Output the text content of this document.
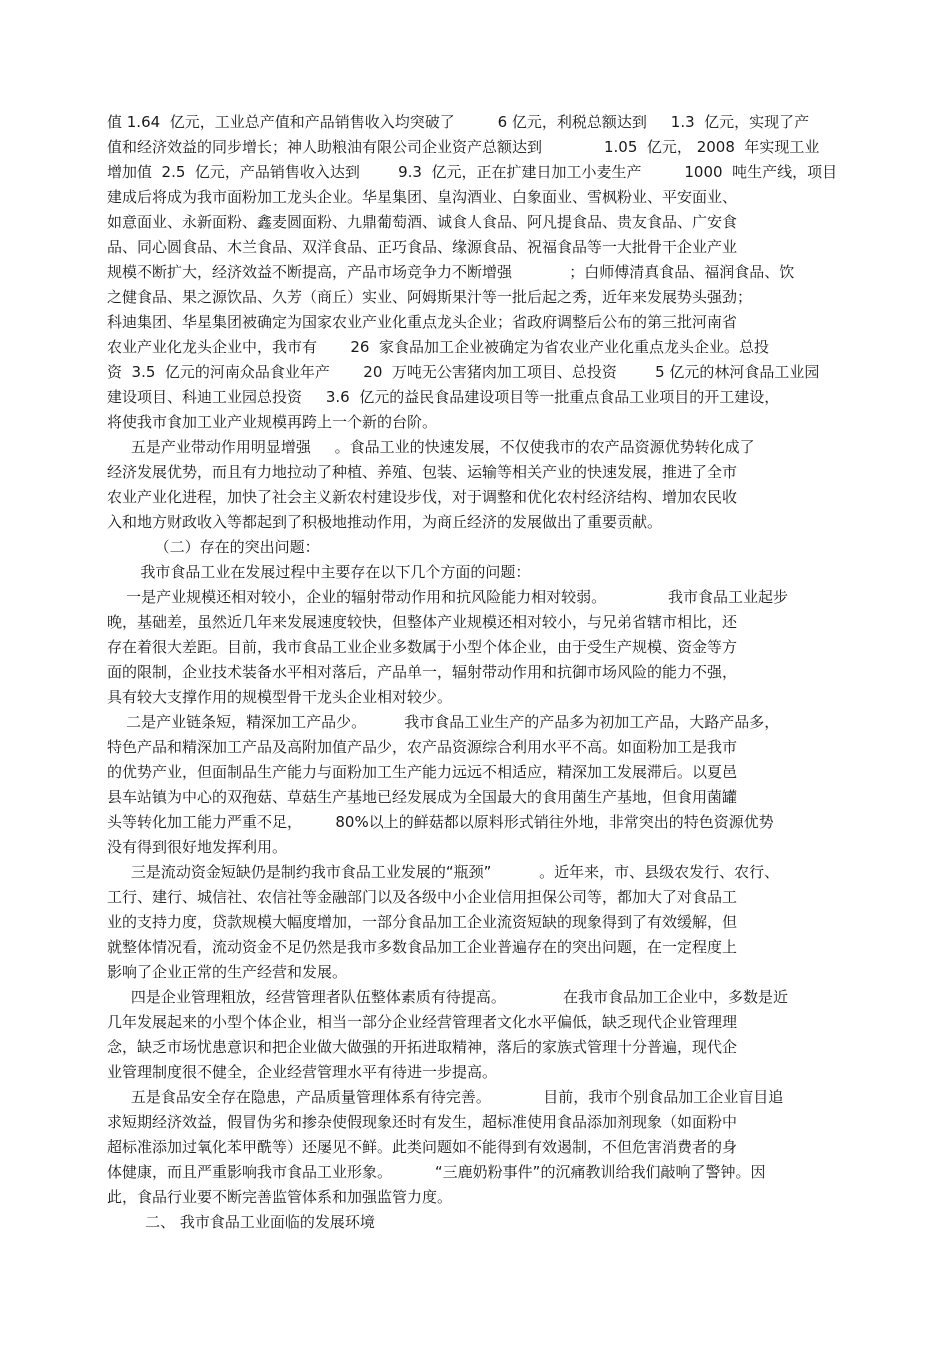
值 1.64  亿元，工业总产值和产品销售收入均突破了         6 亿元，利税总额达到     1.3  亿元，实现了产
值和经济效益的同步增长；神人助粮油有限公司企业资产总额达到             1.05  亿元， 2008  年实现工业
增加值  2.5  亿元，产品销售收入达到        9.3  亿元，正在扩建日加工小麦生产         1000  吨生产线，项目
建成后将成为我市面粉加工龙头企业。华星集团、皇沟酒业、白象面业、雪枫粉业、平安面业、
如意面业、永新面粉、鑫麦圆面粉、九鼎葡萄酒、诚食人食品、阿凡提食品、贵友食品、广安食
品、同心圆食品、木兰食品、双洋食品、正巧食品、缘源食品、祝福食品等一大批骨干企业产业
规模不断扩大，经济效益不断提高，产品市场竞争力不断增强            ；白师傅清真食品、福润食品、饮
之健食品、果之源饮品、久芳（商丘）实业、阿姆斯果汁等一批后起之秀，近年来发展势头强劲；
科迪集团、华星集团被确定为国家农业产业化重点龙头企业；省政府调整后公布的第三批河南省
农业产业化龙头企业中，我市有       26  家食品加工企业被确定为省农业产业化重点龙头企业。总投
资  3.5  亿元的河南众品食业年产       20  万吨无公害猪肉加工项目、总投资        5 亿元的林河食品工业园
建设项目、科迪工业园总投资     3.6  亿元的益民食品建设项目等一批重点食品工业项目的开工建设，
将使我市食加工业产业规模再跨上一个新的台阶。
五是产业带动作用明显增强     。食品工业的快速发展，不仅使我市的农产品资源优势转化成了
经济发展优势，而且有力地拉动了种植、养殖、包装、运输等相关产业的快速发展，推进了全市
农业产业化进程，加快了社会主义新农村建设步伐，对于调整和优化农村经济结构、增加农民收
入和地方财政收入等都起到了积极地推动作用，为商丘经济的发展做出了重要贡献。
（二）存在的突出问题：
我市食品工业在发展过程中主要存在以下几个方面的问题：
一是产业规模还相对较小，企业的辐射带动作用和抗风险能力相对较弱。             我市食品工业起步
晚，基础差，虽然近几年来发展速度较快，但整体产业规模还相对较小，与兄弟省辖市相比，还
存在着很大差距。目前，我市食品工业企业多数属于小型个体企业，由于受生产规模、资金等方
面的限制，企业技术装备水平相对落后，产品单一，辐射带动作用和抗御市场风险的能力不强，
具有较大支撑作用的规模型骨干龙头企业相对较少。
二是产业链条短，精深加工产品少。        我市食品工业生产的产品多为初加工产品，大路产品多，
特色产品和精深加工产品及高附加值产品少，农产品资源综合利用水平不高。如面粉加工是我市
的优势产业，但面制品生产能力与面粉加工生产能力远远不相适应，精深加工发展滞后。以夏邑
县车站镇为中心的双孢菇、草菇生产基地已经发展成为全国最大的食用菌生产基地，但食用菌罐
头等转化加工能力严重不足，       80%以上的鲜菇都以原料形式销往外地，非常突出的特色资源优势
没有得到很好地发挥利用。
三是流动资金短缺仍是制约我市食品工业发展的“瓶颈”          。近年来，市、县级农发行、农行、
工行、建行、城信社、农信社等金融部门以及各级中小企业信用担保公司等，都加大了对食品工
业的支持力度，贷款规模大幅度增加，一部分食品加工企业流资短缺的现象得到了有效缓解，但
就整体情况看，流动资金不足仍然是我市多数食品加工企业普遍存在的突出问题，在一定程度上
影响了企业正常的生产经营和发展。
四是企业管理粗放，经营管理者队伍整体素质有待提高。            在我市食品加工企业中，多数是近
几年发展起来的小型个体企业，相当一部分企业经营管理者文化水平偏低，缺乏现代企业管理理
念，缺乏市场忧患意识和把企业做大做强的开拓进取精神，落后的家族式管理十分普遍，现代企
业管理制度很不健全，企业经营管理水平有待进一步提高。
五是食品安全存在隐患，产品质量管理体系有待完善。           目前，我市个别食品加工企业盲目追
求短期经济效益，假冒伪劣和掺杂使假现象还时有发生，超标准使用食品添加剂现象（如面粉中
超标准添加过氧化苯甲酰等）还屡见不鲜。此类问题如不能得到有效遏制，不但危害消费者的身
体健康，而且严重影响我市食品工业形象。         “三鹿奶粉事件”的沉痛教训给我们敲响了警钟。因
此，食品行业要不断完善监管体系和加强监管力度。
二、 我市食品工业面临的发展环境
